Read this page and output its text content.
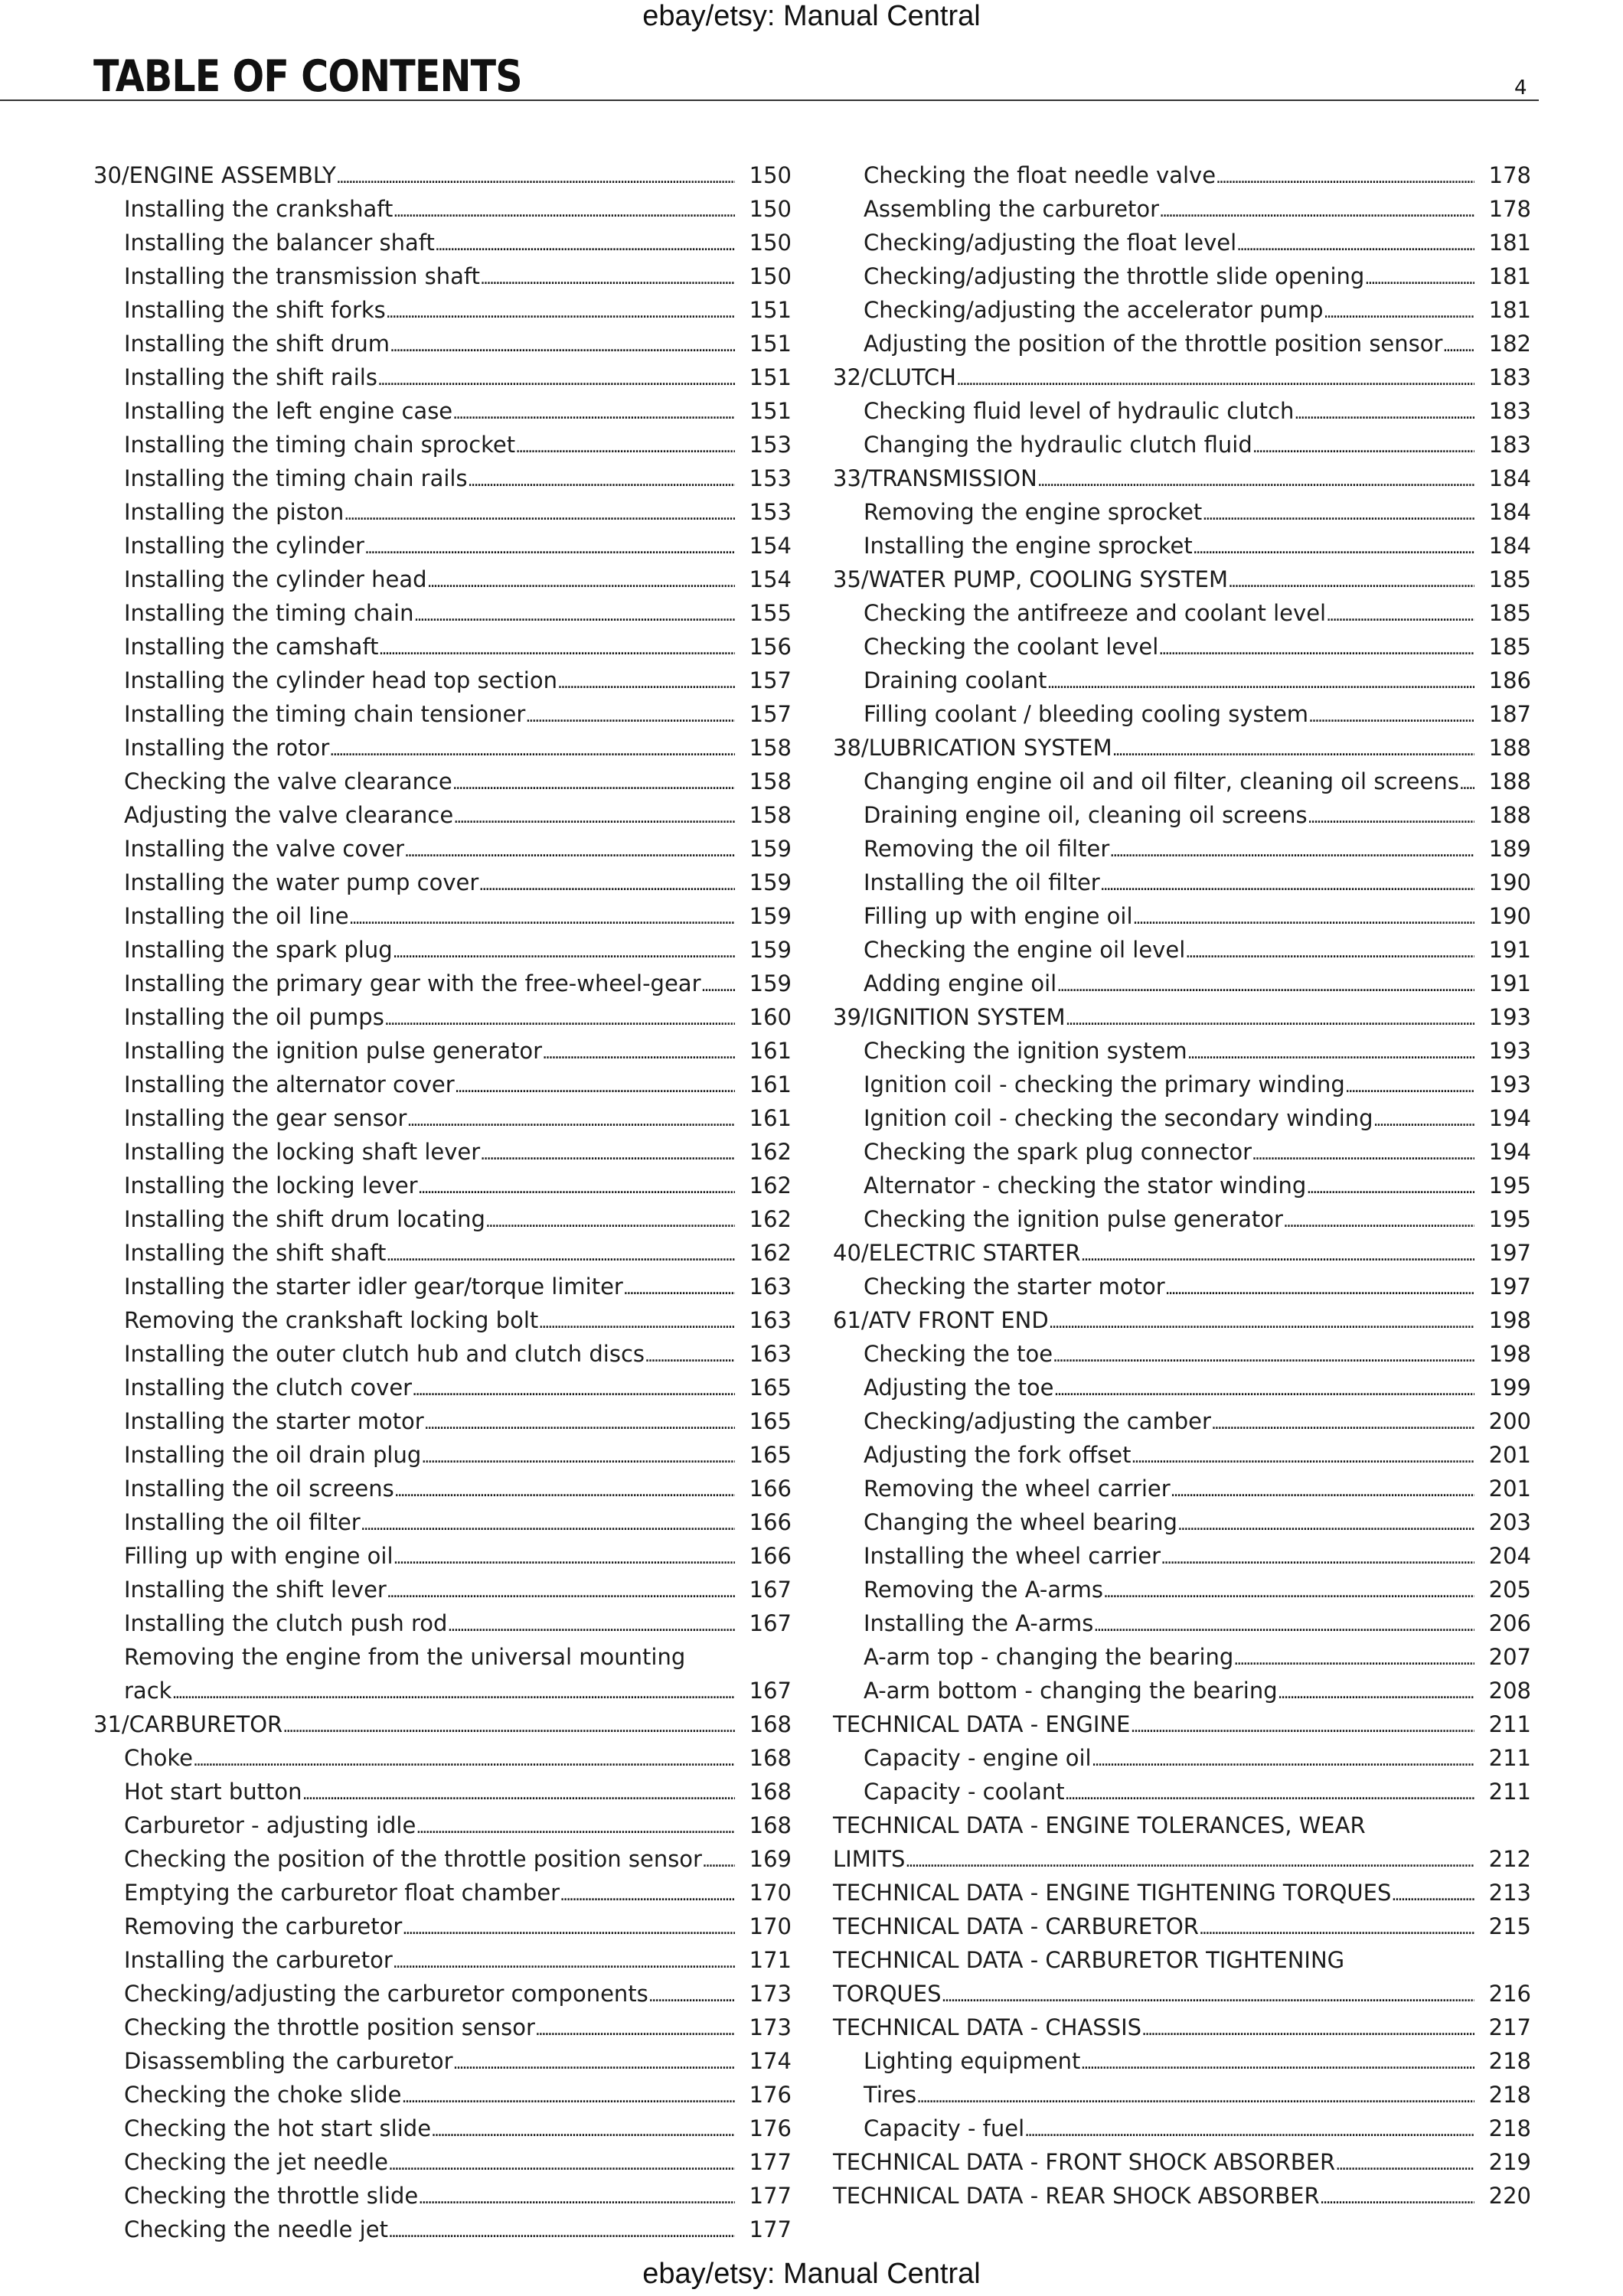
ebay/etsy: Manual Central
TABLE OF CONTENTS	4
30/ENGINE ASSEMBLY . . .	150
Installing the crankshaft . . .	150
Installing the balancer shaft . . .	150
Installing the transmission shaft . . .	150
Installing the shift forks . . .	151
Installing the shift drum . . .	151
Installing the shift rails . . .	151
Installing the left engine case . . .	151
Installing the timing chain sprocket . . .	153
Installing the timing chain rails . . .	153
Installing the piston . . .	153
Installing the cylinder . . .	154
Installing the cylinder head . . .	154
Installing the timing chain . . .	155
Installing the camshaft . . .	156
Installing the cylinder head top section . . .	157
Installing the timing chain tensioner . . .	157
Installing the rotor . . .	158
Checking the valve clearance . . .	158
Adjusting the valve clearance . . .	158
Installing the valve cover . . .	159
Installing the water pump cover . . .	159
Installing the oil line . . .	159
Installing the spark plug . . .	159
Installing the primary gear with the free-wheel-gear . . .	159
Installing the oil pumps . . .	160
Installing the ignition pulse generator . . .	161
Installing the alternator cover . . .	161
Installing the gear sensor . . .	161
Installing the locking shaft lever . . .	162
Installing the locking lever . . .	162
Installing the shift drum locating . . .	162
Installing the shift shaft . . .	162
Installing the starter idler gear/torque limiter . . .	163
Removing the crankshaft locking bolt . . .	163
Installing the outer clutch hub and clutch discs . . .	163
Installing the clutch cover . . .	165
Installing the starter motor . . .	165
Installing the oil drain plug . . .	165
Installing the oil screens . . .	166
Installing the oil filter . . .	166
Filling up with engine oil . . .	166
Installing the shift lever . . .	167
Installing the clutch push rod . . .	167
Removing the engine from the universal mounting
rack . . .	167
31/CARBURETOR . . .	168
Choke . . .	168
Hot start button . . .	168
Carburetor - adjusting idle . . .	168
Checking the position of the throttle position sensor . . .	169
Emptying the carburetor float chamber . . .	170
Removing the carburetor . . .	170
Installing the carburetor . . .	171
Checking/adjusting the carburetor components . . .	173
Checking the throttle position sensor . . .	173
Disassembling the carburetor . . .	174
Checking the choke slide . . .	176
Checking the hot start slide . . .	176
Checking the jet needle . . .	177
Checking the throttle slide . . .	177
Checking the needle jet . . .	177
Checking the float needle valve . . .	178
Assembling the carburetor . . .	178
Checking/adjusting the float level . . .	181
Checking/adjusting the throttle slide opening . . .	181
Checking/adjusting the accelerator pump . . .	181
Adjusting the position of the throttle position sensor . . .	182
32/CLUTCH . . .	183
Checking fluid level of hydraulic clutch . . .	183
Changing the hydraulic clutch fluid . . .	183
33/TRANSMISSION . . .	184
Removing the engine sprocket . . .	184
Installing the engine sprocket . . .	184
35/WATER PUMP, COOLING SYSTEM . . .	185
Checking the antifreeze and coolant level . . .	185
Checking the coolant level . . .	185
Draining coolant . . .	186
Filling coolant / bleeding cooling system . . .	187
38/LUBRICATION SYSTEM . . .	188
Changing engine oil and oil filter, cleaning oil screens . . .	188
Draining engine oil, cleaning oil screens . . .	188
Removing the oil filter . . .	189
Installing the oil filter . . .	190
Filling up with engine oil . . .	190
Checking the engine oil level . . .	191
Adding engine oil . . .	191
39/IGNITION SYSTEM . . .	193
Checking the ignition system . . .	193
Ignition coil - checking the primary winding . . .	193
Ignition coil - checking the secondary winding . . .	194
Checking the spark plug connector . . .	194
Alternator - checking the stator winding . . .	195
Checking the ignition pulse generator . . .	195
40/ELECTRIC STARTER . . .	197
Checking the starter motor . . .	197
61/ATV FRONT END . . .	198
Checking the toe . . .	198
Adjusting the toe . . .	199
Checking/adjusting the camber . . .	200
Adjusting the fork offset . . .	201
Removing the wheel carrier . . .	201
Changing the wheel bearing . . .	203
Installing the wheel carrier . . .	204
Removing the A-arms . . .	205
Installing the A-arms . . .	206
A-arm top - changing the bearing . . .	207
A-arm bottom - changing the bearing . . .	208
TECHNICAL DATA - ENGINE . . .	211
Capacity - engine oil . . .	211
Capacity - coolant . . .	211
TECHNICAL DATA - ENGINE TOLERANCES, WEAR
LIMITS . . .	212
TECHNICAL DATA - ENGINE TIGHTENING TORQUES . . .	213
TECHNICAL DATA - CARBURETOR . . .	215
TECHNICAL DATA - CARBURETOR TIGHTENING
TORQUES . . .	216
TECHNICAL DATA - CHASSIS . . .	217
Lighting equipment . . .	218
Tires . . .	218
Capacity - fuel . . .	218
TECHNICAL DATA - FRONT SHOCK ABSORBER . . .	219
TECHNICAL DATA - REAR SHOCK ABSORBER . . .	220
ebay/etsy: Manual Central
